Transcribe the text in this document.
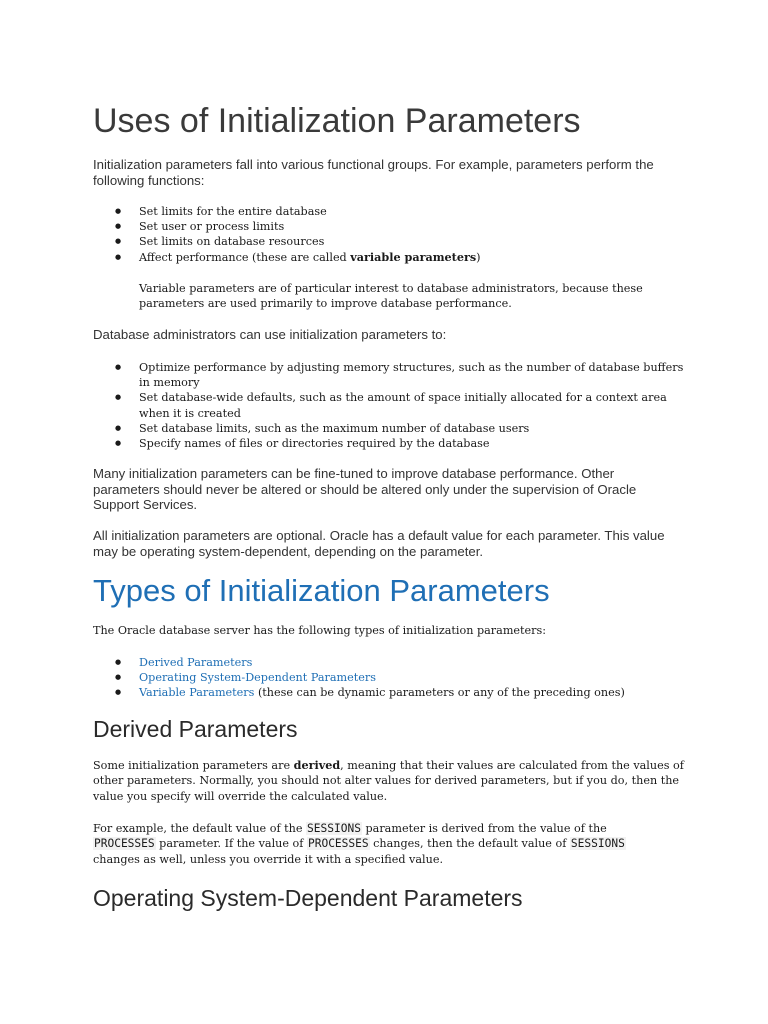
Uses of Initialization Parameters

Initialization parameters fall into various functional groups. For example, parameters perform the following functions:

● Set limits for the entire database
● Set user or process limits
● Set limits on database resources
● Affect performance (these are called variable parameters)

Variable parameters are of particular interest to database administrators, because these parameters are used primarily to improve database performance.

Database administrators can use initialization parameters to:

● Optimize performance by adjusting memory structures, such as the number of database buffers in memory
● Set database-wide defaults, such as the amount of space initially allocated for a context area when it is created
● Set database limits, such as the maximum number of database users
● Specify names of files or directories required by the database

Many initialization parameters can be fine-tuned to improve database performance. Other parameters should never be altered or should be altered only under the supervision of Oracle Support Services.

All initialization parameters are optional. Oracle has a default value for each parameter. This value may be operating system-dependent, depending on the parameter.

Types of Initialization Parameters

The Oracle database server has the following types of initialization parameters:

● Derived Parameters
● Operating System-Dependent Parameters
● Variable Parameters (these can be dynamic parameters or any of the preceding ones)
Derived Parameters

Some initialization parameters are derived, meaning that their values are calculated from the values of other parameters. Normally, you should not alter values for derived parameters, but if you do, then the value you specify will override the calculated value.

For example, the default value of the SESSIONS parameter is derived from the value of the PROCESSES parameter. If the value of PROCESSES changes, then the default value of SESSIONS changes as well, unless you override it with a specified value.

Operating System-Dependent Parameters
